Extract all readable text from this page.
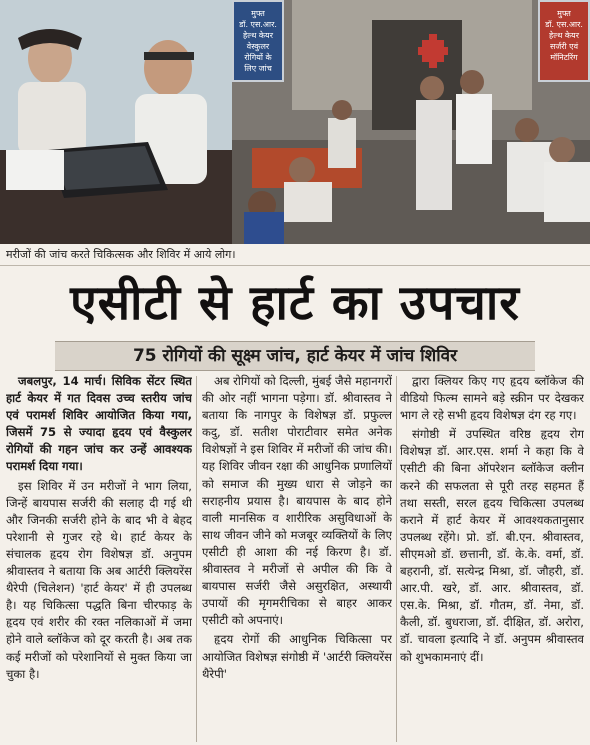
मुफ्त
डॉ. एस.आर.
हेल्थ केयर
वेस्कुलर
रोगियों के
लिए जांच
मुफ्त
डॉ. एस.आर.
हेल्थ केयर
सर्जरी एवं
मॉनिटरिंग
मरीजों की जांच करते चिकित्सक और शिविर में आये लोग।
एसीटी से हार्ट का उपचार
75 रोगियों की सूक्ष्म जांच, हार्ट केयर में जांच शिविर

जबलपुर, 14 मार्च। सिविक सेंटर स्थित हार्ट केयर में गत दिवस उच्च स्तरीय जांच एवं परामर्श शिविर आयोजित किया गया, जिसमें 75 से ज्यादा हृदय एवं वैस्कुलर रोगियों की गहन जांच कर उन्हें आवश्यक परामर्श दिया गया।

इस शिविर में उन मरीजों ने भाग लिया, जिन्हें बायपास सर्जरी की सलाह दी गई थी और जिनकी सर्जरी होने के बाद भी वे बेहद परेशानी से गुजर रहे थे। हार्ट केयर के संचालक हृदय रोग विशेषज्ञ डॉ. अनुपम श्रीवास्तव ने बताया कि अब आर्टरी क्लियरेंस थैरेपी (चिलेशन) 'हार्ट केयर' में ही उपलब्ध है। यह चिकित्सा पद्धति बिना चीरफाड़ के हृदय एवं शरीर की रक्त नलिकाओं में जमा होने वाले ब्लॉकेज को दूर करती है। अब तक कई मरीजों को परेशानियों से मुक्त किया जा चुका है।

अब रोगियों को दिल्ली, मुंबई जैसे महानगरों की ओर नहीं भागना पड़ेगा। डॉ. श्रीवास्तव ने बताया कि नागपुर के विशेषज्ञ डॉ. प्रफुल्ल कदु, डॉ. सतीश पोराटीवार समेत अनेक विशेषज्ञों ने इस शिविर में मरीजों की जांच की। यह शिविर जीवन रक्षा की आधुनिक प्रणालियों को समाज की मुख्य धारा से जोड़ने का सराहनीय प्रयास है। बायपास के बाद होने वाली मानसिक व शारीरिक असुविधाओं के साथ जीवन जीने को मजबूर व्यक्तियों के लिए एसीटी ही आशा की नई किरण है। डॉ. श्रीवास्तव ने मरीजों से अपील की कि वे बायपास सर्जरी जैसे असुरक्षित, अस्थायी उपायों की मृगमरीचिका से बाहर आकर एसीटी को अपनाएं।

हृदय रोगों की आधुनिक चिकित्सा पर आयोजित विशेषज्ञ संगोष्ठी में 'आर्टरी क्लियरेंस थैरेपी'

द्वारा क्लियर किए गए हृदय ब्लॉकेज की वीडियो फिल्म सामने बड़े स्क्रीन पर देखकर भाग ले रहे सभी हृदय विशेषज्ञ दंग रह गए।

संगोष्ठी में उपस्थित वरिष्ठ हृदय रोग विशेषज्ञ डॉ. आर.एस. शर्मा ने कहा कि वे एसीटी की बिना ऑपरेशन ब्लॉकेज क्लीन करने की सफलता से पूरी तरह सहमत हैं तथा सस्ती, सरल हृदय चिकित्सा उपलब्ध कराने में हार्ट केयर में आवश्यकतानुसार उपलब्ध रहेंगे। प्रो. डॉ. बी.एन. श्रीवास्तव, सीएमओ डॉ. छत्तानी, डॉ. के.के. वर्मा, डॉ. बहरानी, डॉ. सत्येन्द्र मिश्रा, डॉ. जौहरी, डॉ. आर.पी. खरे, डॉ. आर. श्रीवास्तव, डॉ. एस.के. मिश्रा, डॉ. गौतम, डॉ. नेमा, डॉ. कैली, डॉ. बुधराजा, डॉ. दीक्षित, डॉ. अरोरा, डॉ. चावला इत्यादि ने डॉ. अनुपम श्रीवास्तव को शुभकामनाएं दीं।
